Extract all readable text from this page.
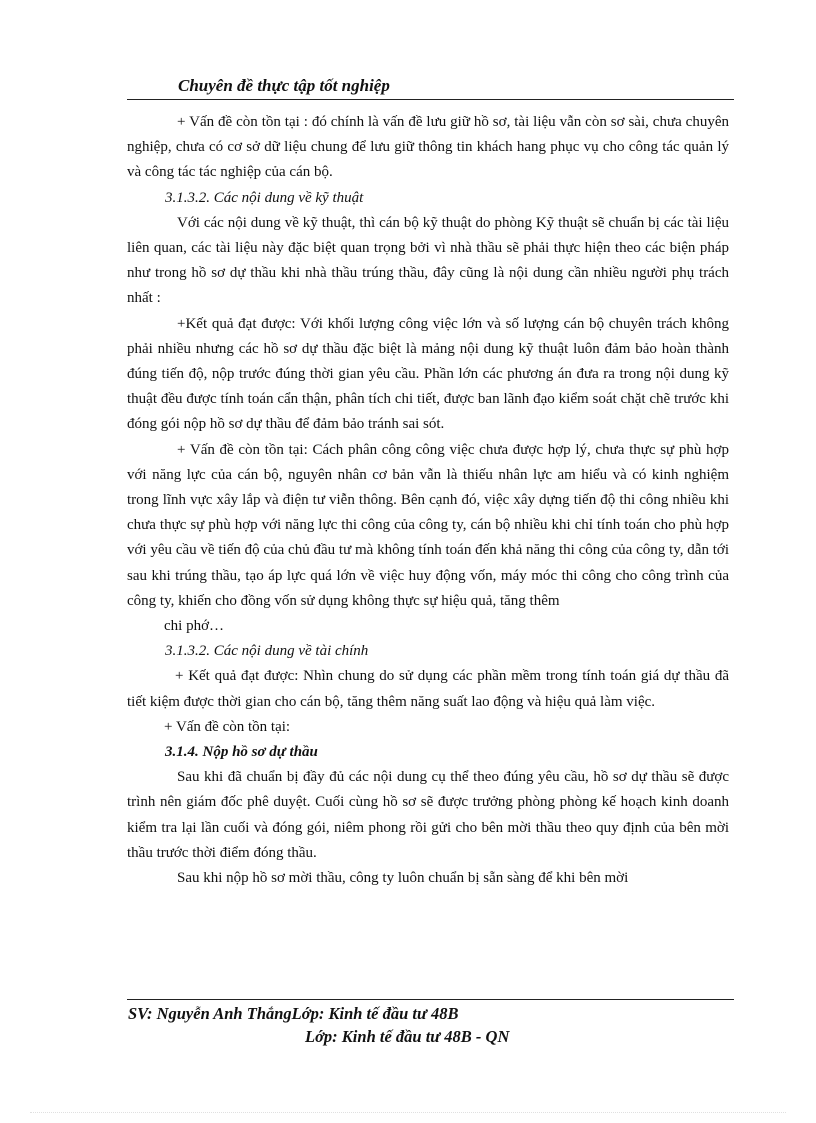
Chuyên đề thực tập tốt nghiệp

+ Vấn đề còn tồn tại : đó chính là vấn đề lưu giữ hồ sơ, tài liệu vẫn còn sơ sài, chưa chuyên nghiệp, chưa có cơ sở dữ liệu chung để lưu giữ thông tin khách hang phục vụ cho công tác quản lý và công tác tác nghiệp của cán bộ.

3.1.3.2. Các nội dung về kỹ thuật

Với các nội dung về kỹ thuật, thì cán bộ kỹ thuật do phòng Kỹ thuật sẽ chuẩn bị các tài liệu liên quan, các tài liệu này đặc biệt quan trọng bởi vì nhà thầu sẽ phải thực hiện theo các biện pháp như trong hồ sơ dự thầu khi nhà thầu trúng thầu, đây cũng là nội dung cần nhiều người phụ trách nhất :

+Kết quả đạt được: Với khối lượng công việc lớn và số lượng cán bộ chuyên trách không phải nhiều nhưng các hồ sơ dự thầu đặc biệt là mảng nội dung kỹ thuật luôn đảm bảo hoàn thành đúng tiến độ, nộp trước đúng thời gian yêu cầu. Phần lớn các phương án đưa ra trong nội dung kỹ thuật đều được tính toán cẩn thận, phân tích chi tiết, được ban lãnh đạo kiểm soát chặt chẽ trước khi đóng gói nộp hồ sơ dự thầu để đảm bảo tránh sai sót.

+ Vấn đề còn tồn tại: Cách phân công công việc chưa được hợp lý, chưa thực sự phù hợp với năng lực của cán bộ, nguyên nhân cơ bản vẫn là thiếu nhân lực am hiểu và có kinh nghiệm trong lĩnh vực xây lắp và điện tư viễn thông. Bên cạnh đó, việc xây dựng tiến độ thi công nhiều khi chưa thực sự phù hợp với năng lực thi công của công ty, cán bộ nhiều khi chỉ tính toán cho phù hợp với yêu cầu về tiến độ của chủ đầu tư mà không tính toán đến khả năng thi công của công ty, dẫn tới sau khi trúng thầu, tạo áp lực quá lớn về việc huy động vốn, máy móc thi công cho công trình của công ty, khiến cho đồng vốn sử dụng không thực sự hiệu quả, tăng thêm

chi phớ…

3.1.3.2. Các nội dung về tài chính

+ Kết quả đạt được: Nhìn chung do sử dụng các phần mềm trong tính toán giá dự thầu đã tiết kiệm được thời gian cho cán bộ, tăng thêm năng suất lao động và hiệu quả làm việc.

+ Vấn đề còn tồn tại:

3.1.4. Nộp hồ sơ dự thầu

Sau khi đã chuẩn bị đầy đủ các nội dung cụ thể theo đúng yêu cầu, hồ sơ dự thầu sẽ được trình nên giám đốc phê duyệt. Cuối cùng hồ sơ sẽ được trưởng phòng phòng kế hoạch kinh doanh kiểm tra lại lần cuối và đóng gói, niêm phong rồi gửi cho bên mời thầu theo quy định của bên mời thầu trước thời điểm đóng thầu.

Sau khi nộp hồ sơ mời thầu, công ty luôn chuẩn bị sẵn sàng để khi bên mời

SV: Nguyễn Anh ThắngLớp: Kinh tế đầu tư 48B
Lớp: Kinh tế đầu tư 48B - QN
